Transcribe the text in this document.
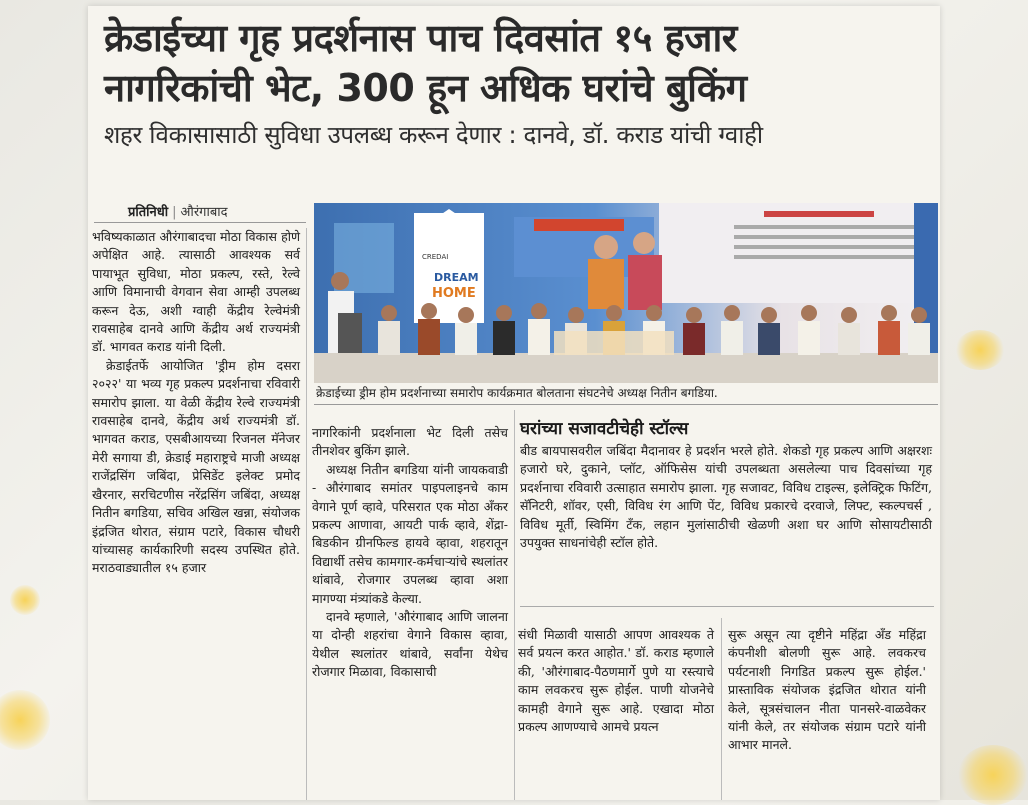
क्रेडाईच्या गृह प्रदर्शनास पाच दिवसांत १५ हजार
नागरिकांची भेट, 300 हून अधिक घरांचे बुकिंग
शहर विकासासाठी सुविधा उपलब्ध करून देणार : दानवे, डॉ. कराड यांची ग्वाही
प्रतिनिधी | औरंगाबाद

भविष्यकाळात औरंगाबादचा मोठा विकास होणे अपेक्षित आहे. त्यासाठी आवश्यक सर्व पायाभूत सुविधा, मोठा प्रकल्प, रस्ते, रेल्वे आणि विमानाची वेगवान सेवा आम्ही उपलब्ध करून देऊ, अशी ग्वाही केंद्रीय रेल्वेमंत्री रावसाहेब दानवे आणि केंद्रीय अर्थ राज्यमंत्री डॉ. भागवत कराड यांनी दिली.

क्रेडाईतर्फे आयोजित 'ड्रीम होम दसरा २०२२' या भव्य गृह प्रकल्प प्रदर्शनाचा रविवारी समारोप झाला. या वेळी केंद्रीय रेल्वे राज्यमंत्री रावसाहेब दानवे, केंद्रीय अर्थ राज्यमंत्री डॉ. भागवत कराड, एसबीआयच्या रिजनल मॅनेजर मेरी सगाया डी, क्रेडाई महाराष्ट्रचे माजी अध्यक्ष राजेंद्रसिंग जबिंदा, प्रेसिडेंट इलेक्ट प्रमोद खैरनार, सरचिटणीस नरेंद्रसिंग जबिंदा, अध्यक्ष नितीन बगडिया, सचिव अखिल खन्ना, संयोजक इंद्रजित थोरात, संग्राम पटारे, विकास चौधरी यांच्यासह कार्यकारिणी सदस्य उपस्थित होते. मराठवाड्यातील १५ हजार

CREDAI
DREAM
HOME
क्रेडाईच्या ड्रीम होम प्रदर्शनाच्या समारोप कार्यक्रमात बोलताना संघटनेचे अध्यक्ष नितीन बगडिया.

नागरिकांनी प्रदर्शनाला भेट दिली तसेच तीनशेवर बुकिंग झाले.

अध्यक्ष नितीन बगडिया यांनी जायकवाडी - औरंगाबाद समांतर पाइपलाइनचे काम वेगाने पूर्ण व्हावे, परिसरात एक मोठा अँकर प्रकल्प आणावा, आयटी पार्क व्हावे, शेंद्रा-बिडकीन ग्रीनफिल्ड हायवे व्हावा, शहरातून विद्यार्थी तसेच कामगार-कर्मचाऱ्यांचे स्थलांतर थांबावे, रोजगार उपलब्ध व्हावा अशा मागण्या मंत्र्यांकडे केल्या.

दानवे म्हणाले, 'औरंगाबाद आणि जालना या दोन्ही शहरांचा वेगाने विकास व्हावा, येथील स्थलांतर थांबावे, सर्वांना येथेच रोजगार मिळावा, विकासाची

घरांच्या सजावटीचेही स्टॉल्स

बीड बायपासवरील जबिंदा मैदानावर हे प्रदर्शन भरले होते. शेकडो गृह प्रकल्प आणि अक्षरशः हजारो घरे, दुकाने, प्लॉट, ऑफिसेस यांची उपलब्धता असलेल्या पाच दिवसांच्या गृह प्रदर्शनाचा रविवारी उत्साहात समारोप झाला. गृह सजावट, विविध टाइल्स, इलेक्ट्रिक फिटिंग, सॅनिटरी, शॉवर, एसी, विविध रंग आणि पेंट, विविध प्रकारचे दरवाजे, लिफ्ट, स्कल्पचर्स , विविध मूर्ती, स्विमिंग टँक, लहान मुलांसाठीची खेळणी अशा घर आणि सोसायटीसाठी उपयुक्त साधनांचेही स्टॉल होते.

संधी मिळावी यासाठी आपण आवश्यक ते सर्व प्रयत्न करत आहोत.' डॉ. कराड म्हणाले की, 'औरंगाबाद-पैठणमार्गे पुणे या रस्त्याचे काम लवकरच सुरू होईल. पाणी योजनेचे कामही वेगाने सुरू आहे. एखादा मोठा प्रकल्प आणण्याचे आमचे प्रयत्न

सुरू असून त्या दृष्टीने महिंद्रा अँड महिंद्रा कंपनीशी बोलणी सुरू आहे. लवकरच पर्यटनाशी निगडित प्रकल्प सुरू होईल.' प्रास्ताविक संयोजक इंद्रजित थोरात यांनी केले, सूत्रसंचालन नीता पानसरे-वाळवेकर यांनी केले, तर संयोजक संग्राम पटारे यांनी आभार मानले.
